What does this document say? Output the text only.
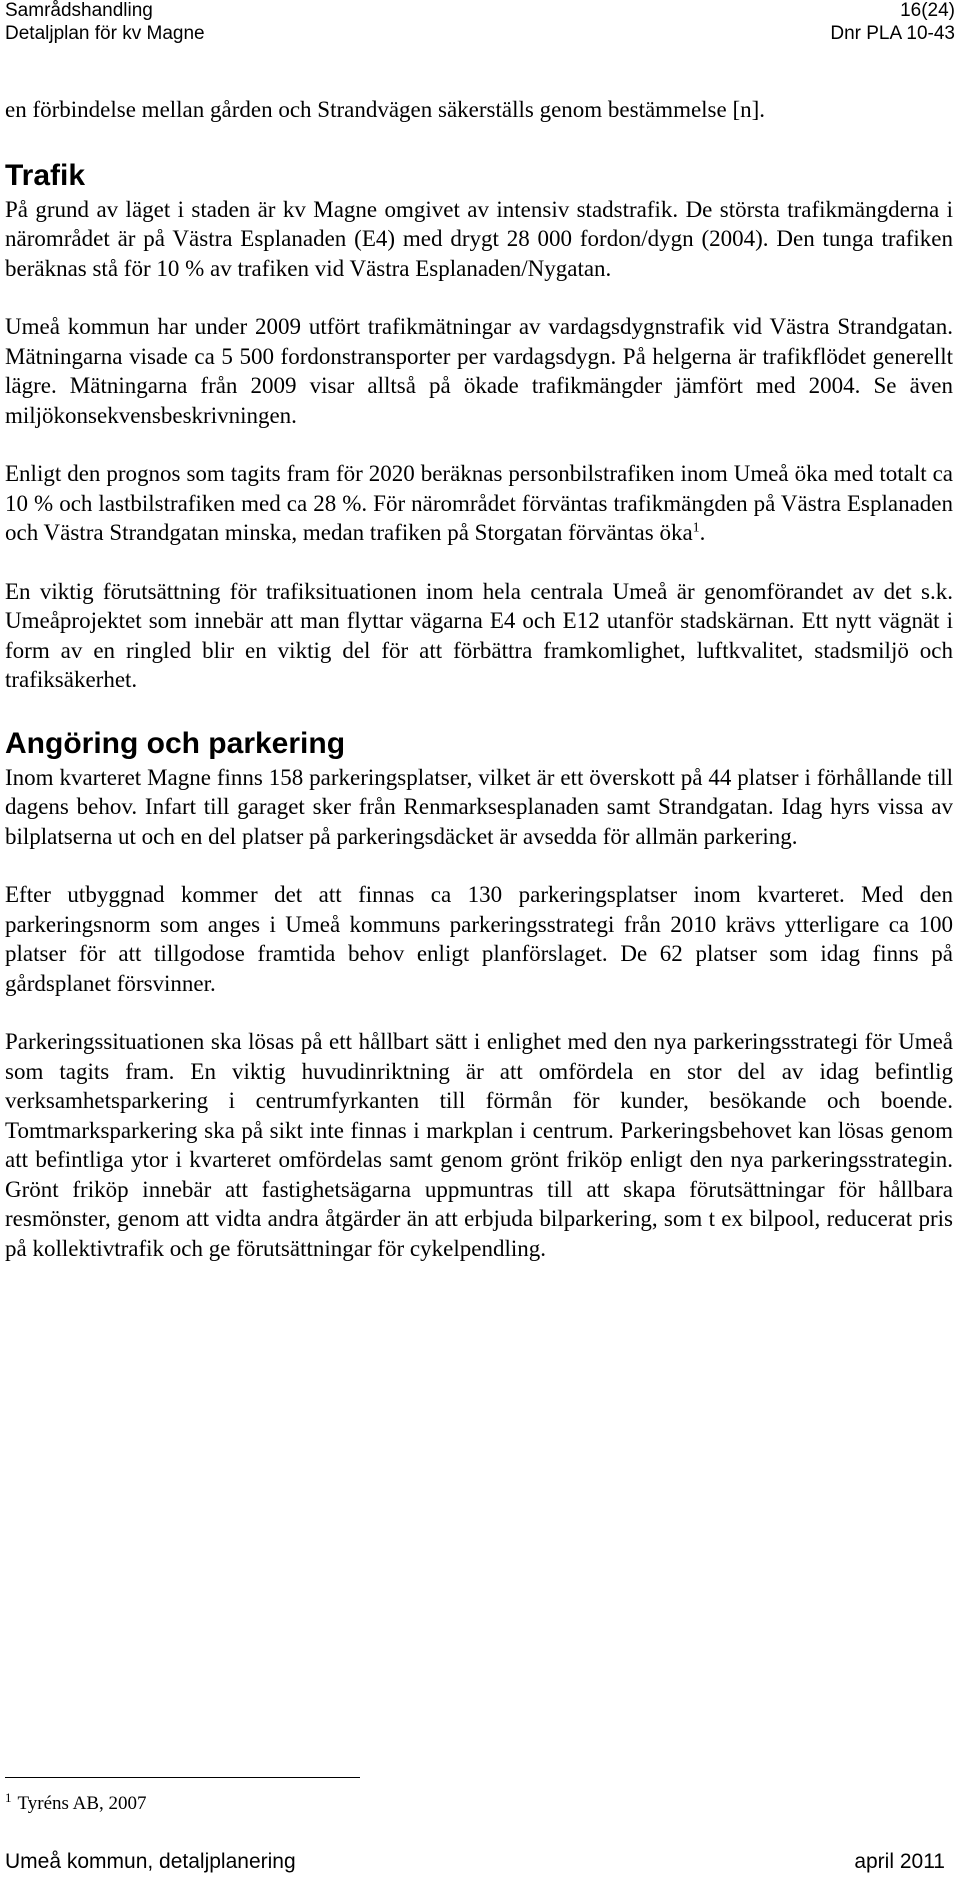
Samrådshandling	16(24)
Detaljplan för kv Magne	Dnr PLA 10-43

en förbindelse mellan gården och Strandvägen säkerställs genom bestämmelse [n].

Trafik

På grund av läget i staden är kv Magne omgivet av intensiv stadstrafik. De största trafikmängderna i närområdet är på Västra Esplanaden (E4) med drygt 28 000 fordon/dygn (2004). Den tunga trafiken beräknas stå för 10 % av trafiken vid Västra Esplanaden/Nygatan.

Umeå kommun har under 2009 utfört trafikmätningar av vardagsdygnstrafik vid Västra Strandgatan. Mätningarna visade ca 5 500 fordonstransporter per vardagsdygn. På helgerna är trafikflödet generellt lägre. Mätningarna från 2009 visar alltså på ökade trafikmängder jämfört med 2004. Se även miljökonsekvensbeskrivningen.

Enligt den prognos som tagits fram för 2020 beräknas personbilstrafiken inom Umeå öka med totalt ca 10 % och lastbilstrafiken med ca 28 %. För närområdet förväntas trafikmängden på Västra Esplanaden och Västra Strandgatan minska, medan trafiken på Storgatan förväntas öka$^1$.

En viktig förutsättning för trafiksituationen inom hela centrala Umeå är genomförandet av det s.k. Umeåprojektet som innebär att man flyttar vägarna E4 och E12 utanför stadskärnan. Ett nytt vägnät i form av en ringled blir en viktig del för att förbättra framkomlighet, luftkvalitet, stadsmiljö och trafiksäkerhet.

Angöring och parkering

Inom kvarteret Magne finns 158 parkeringsplatser, vilket är ett överskott på 44 platser i förhållande till dagens behov. Infart till garaget sker från Renmarksesplanaden samt Strandgatan. Idag hyrs vissa av bilplatserna ut och en del platser på parkeringsdäcket är avsedda för allmän parkering.

Efter utbyggnad kommer det att finnas ca 130 parkeringsplatser inom kvarteret. Med den parkeringsnorm som anges i Umeå kommuns parkeringsstrategi från 2010 krävs ytterligare ca 100 platser för att tillgodose framtida behov enligt planförslaget. De 62 platser som idag finns på gårdsplanet försvinner.

Parkeringssituationen ska lösas på ett hållbart sätt i enlighet med den nya parkeringsstrategi för Umeå som tagits fram. En viktig huvudinriktning är att omfördela en stor del av idag befintlig verksamhetsparkering i centrumfyrkanten till förmån för kunder, besökande och boende. Tomtmarksparkering ska på sikt inte finnas i markplan i centrum. Parkeringsbehovet kan lösas genom att befintliga ytor i kvarteret omfördelas samt genom grönt friköp enligt den nya parkeringsstrategin. Grönt friköp innebär att fastighetsägarna uppmuntras till att skapa förutsättningar för hållbara resmönster, genom att vidta andra åtgärder än att erbjuda bilparkering, som t ex bilpool, reducerat pris på kollektivtrafik och ge förutsättningar för cykelpendling.

$^1$ Tyréns AB, 2007
Umeå kommun, detaljplanering	april 2011
